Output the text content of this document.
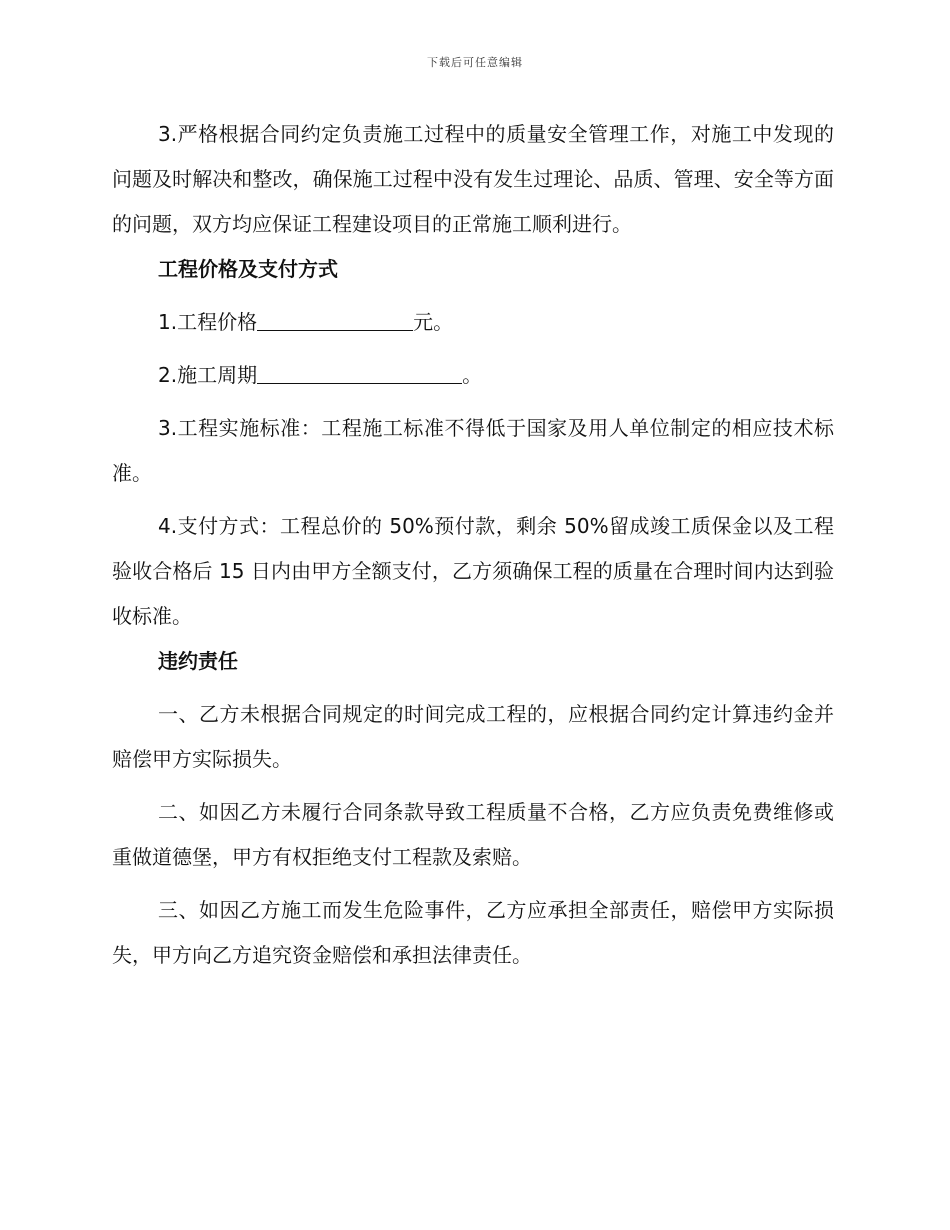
下载后可任意编辑

3.严格根据合同约定负责施工过程中的质量安全管理工作，对施工中发现的问题及时解决和整改，确保施工过程中没有发生过理论、品质、管理、安全等方面的问题，双方均应保证工程建设项目的正常施工顺利进行。

工程价格及支付方式

1.工程价格	元。

2.施工周期	。

3.工程实施标准：工程施工标准不得低于国家及用人单位制定的相应技术标准。

4.支付方式：工程总价的 50%预付款，剩余 50%留成竣工质保金以及工程验收合格后 15 日内由甲方全额支付，乙方须确保工程的质量在合理时间内达到验收标准。

违约责任

一、乙方未根据合同规定的时间完成工程的，应根据合同约定计算违约金并赔偿甲方实际损失。

二、如因乙方未履行合同条款导致工程质量不合格，乙方应负责免费维修或重做道德堡，甲方有权拒绝支付工程款及索赔。

三、如因乙方施工而发生危险事件，乙方应承担全部责任，赔偿甲方实际损失，甲方向乙方追究资金赔偿和承担法律责任。
